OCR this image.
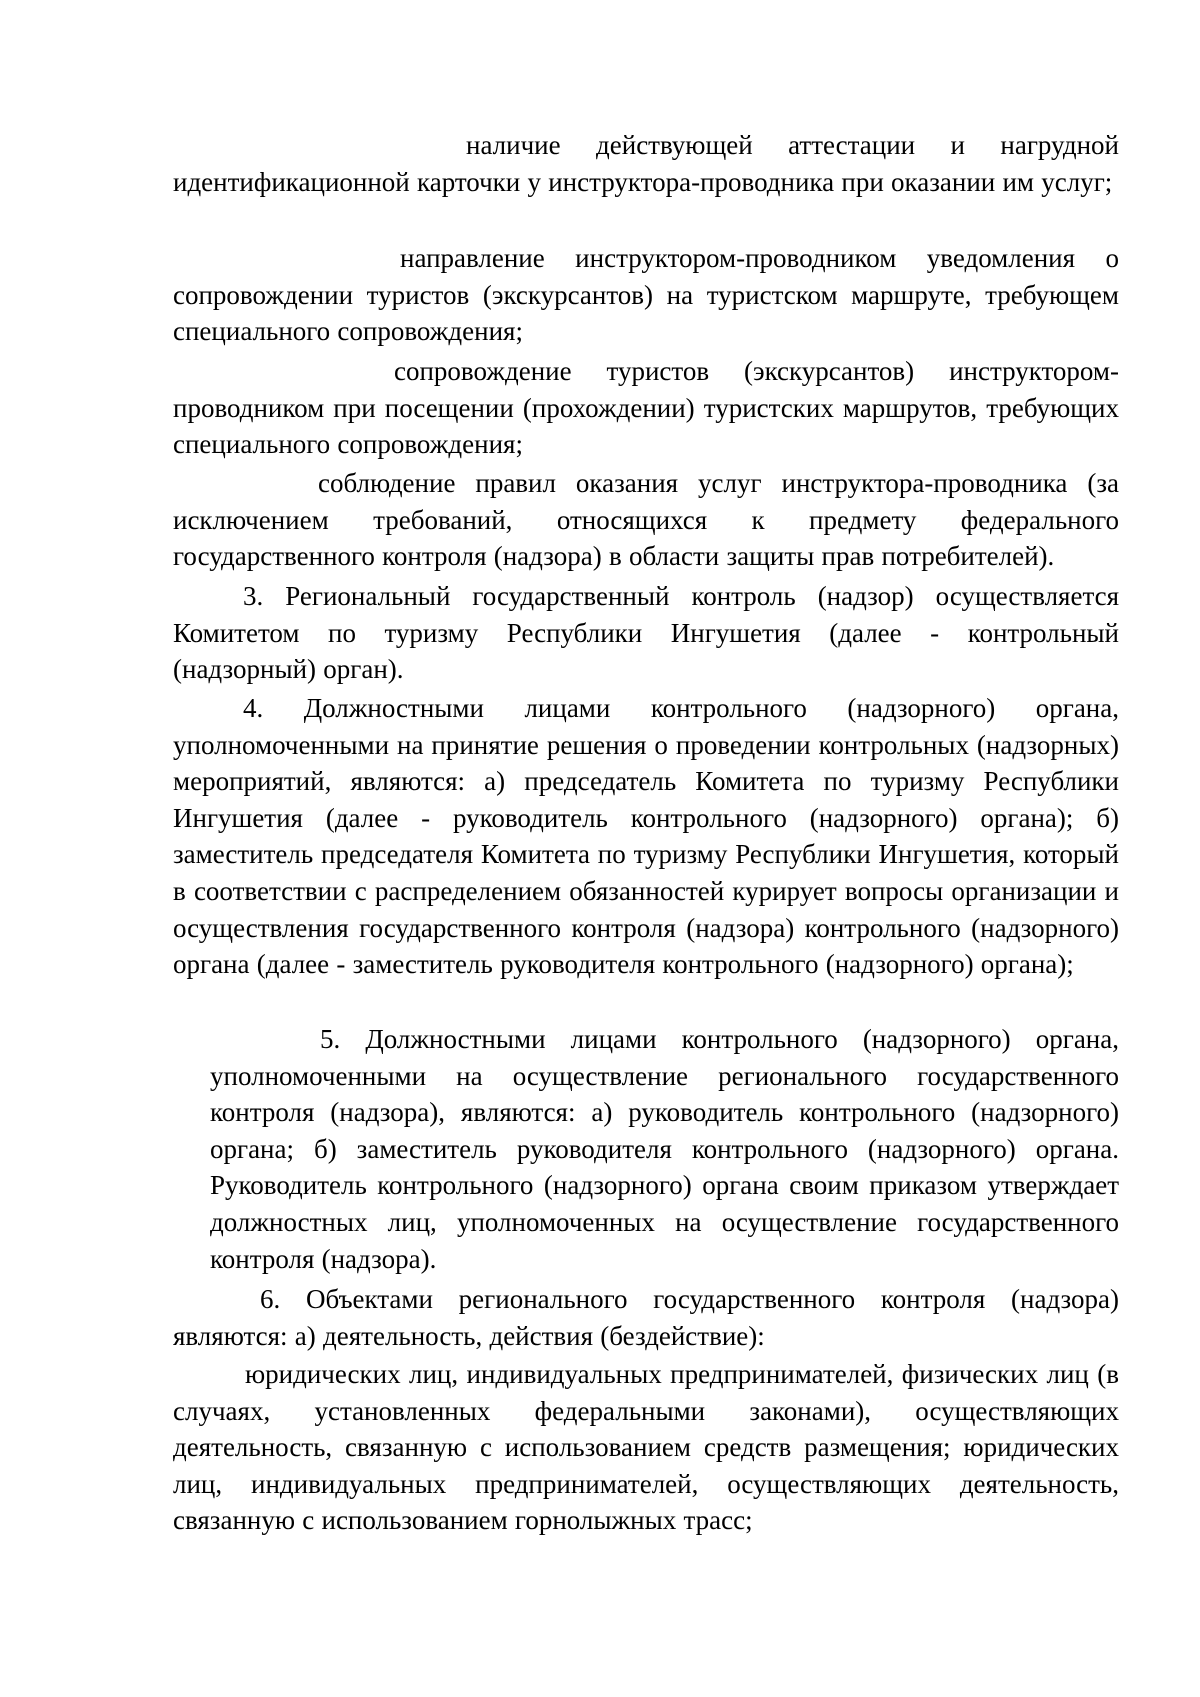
наличие действующей аттестации и нагрудной идентификационной карточки у инструктора-проводника при оказании им услуг;

направление инструктором-проводником уведомления о сопровождении туристов (экскурсантов) на туристском маршруте, требующем специального сопровождения;

сопровождение туристов (экскурсантов) инструктором-проводником при посещении (прохождении) туристских маршрутов, требующих специального сопровождения;

соблюдение правил оказания услуг инструктора-проводника (за исключением требований, относящихся к предмету федерального государственного контроля (надзора) в области защиты прав потребителей).

3. Региональный государственный контроль (надзор) осуществляется Комитетом по туризму Республики Ингушетия (далее - контрольный (надзорный) орган).

4. Должностными лицами контрольного (надзорного) органа, уполномоченными на принятие решения о проведении контрольных (надзорных) мероприятий, являются: а) председатель Комитета по туризму Республики Ингушетия (далее - руководитель контрольного (надзорного) органа); б) заместитель председателя Комитета по туризму Республики Ингушетия, который в соответствии с распределением обязанностей курирует вопросы организации и осуществления государственного контроля (надзора) контрольного (надзорного) органа (далее - заместитель руководителя контрольного (надзорного) органа);

5. Должностными лицами контрольного (надзорного) органа, уполномоченными на осуществление регионального государственного контроля (надзора), являются: а) руководитель контрольного (надзорного) органа; б) заместитель руководителя контрольного (надзорного) органа. Руководитель контрольного (надзорного) органа своим приказом утверждает должностных лиц, уполномоченных на осуществление государственного контроля (надзора).

6. Объектами регионального государственного контроля (надзора) являются: а) деятельность, действия (бездействие):

юридических лиц, индивидуальных предпринимателей, физических лиц (в случаях, установленных федеральными законами), осуществляющих деятельность, связанную с использованием средств размещения; юридических лиц, индивидуальных предпринимателей, осуществляющих деятельность, связанную с использованием горнолыжных трасс;
